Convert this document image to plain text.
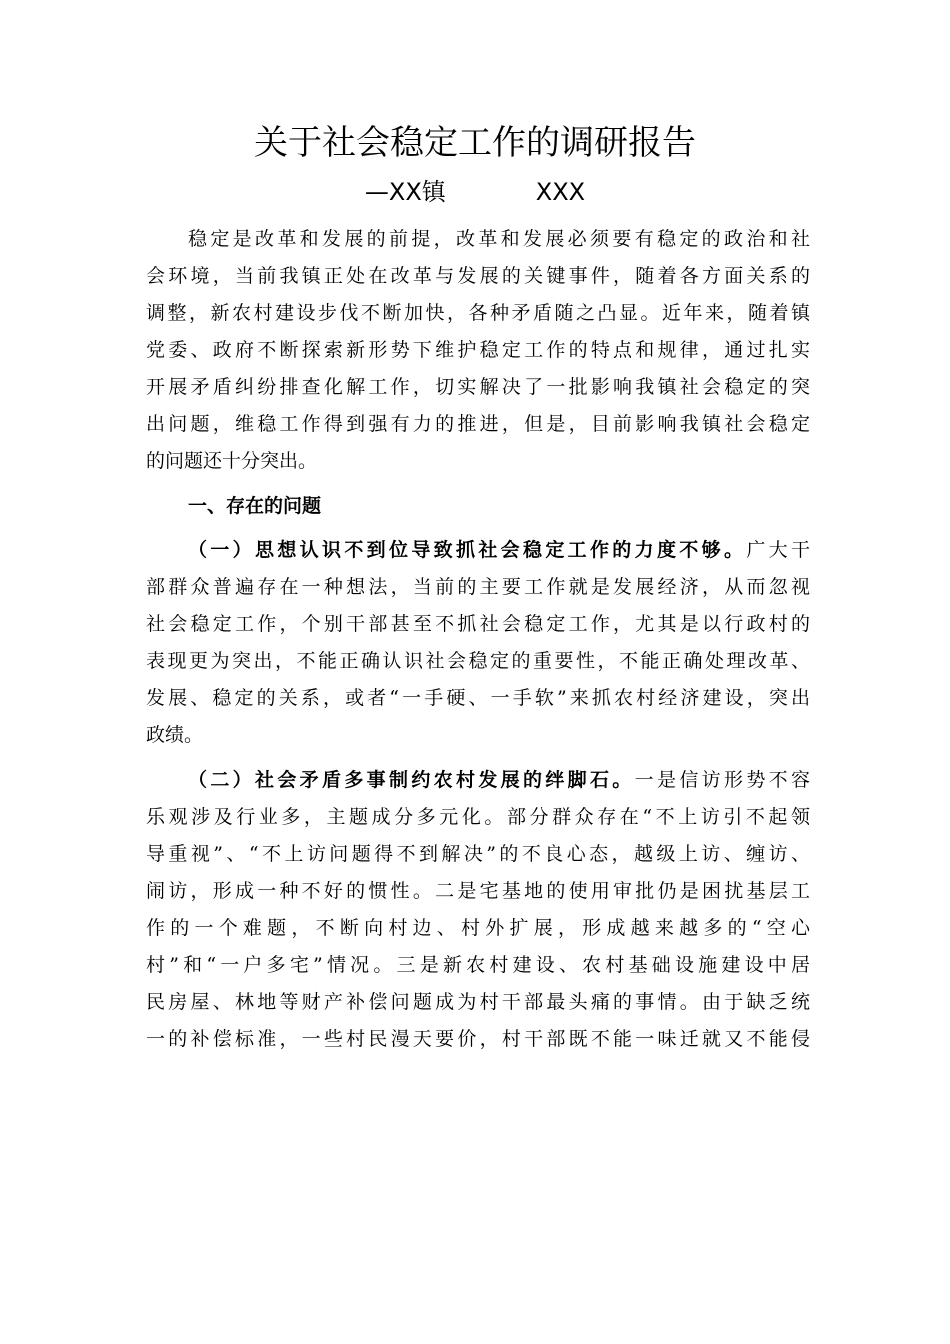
关于社会稳定工作的调研报告
—XX镇	XXX
稳定是改革和发展的前提，改革和发展必须要有稳定的政治和社
会环境，当前我镇正处在改革与发展的关键事件，随着各方面关系的
调整，新农村建设步伐不断加快，各种矛盾随之凸显。近年来，随着镇
党委、政府不断探索新形势下维护稳定工作的特点和规律，通过扎实
开展矛盾纠纷排查化解工作，切实解决了一批影响我镇社会稳定的突
出问题，维稳工作得到强有力的推进，但是，目前影响我镇社会稳定
的问题还十分突出。
一、存在的问题
（一）思想认识不到位导致抓社会稳定工作的力度不够。广大干
部群众普遍存在一种想法，当前的主要工作就是发展经济，从而忽视
社会稳定工作，个别干部甚至不抓社会稳定工作，尤其是以行政村的
表现更为突出，不能正确认识社会稳定的重要性，不能正确处理改革、
发展、稳定的关系，或者“一手硬、一手软”来抓农村经济建设，突出
政绩。
（二）社会矛盾多事制约农村发展的绊脚石。一是信访形势不容
乐观涉及行业多，主题成分多元化。部分群众存在“不上访引不起领
导重视”、“不上访问题得不到解决”的不良心态，越级上访、缠访、
闹访，形成一种不好的惯性。二是宅基地的使用审批仍是困扰基层工
作的一个难题，不断向村边、村外扩展，形成越来越多的“空心
村”和“一户多宅”情况。三是新农村建设、农村基础设施建设中居
民房屋、林地等财产补偿问题成为村干部最头痛的事情。由于缺乏统
一的补偿标准，一些村民漫天要价，村干部既不能一味迁就又不能侵
